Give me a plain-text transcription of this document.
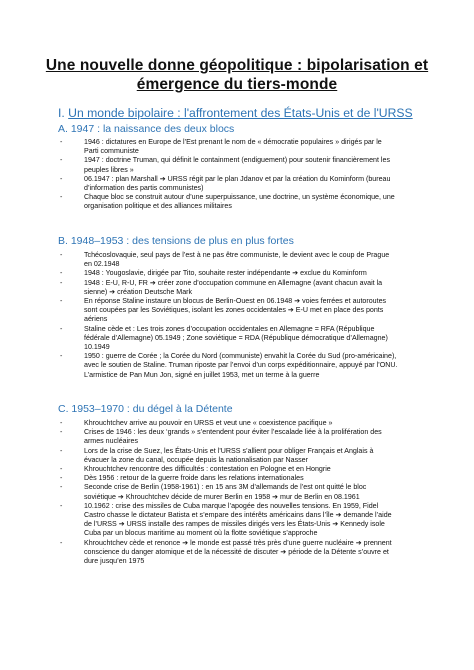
Une nouvelle donne géopolitique : bipolarisation et émergence du tiers-monde
I. Un monde bipolaire : l'affrontement des États-Unis et de l'URSS
A. 1947 : la naissance des deux blocs
- 1946 : dictatures en Europe de l’Est prenant le nom de « démocratie populaires » dirigés par le Parti communiste
- 1947 : doctrine Truman, qui définit le containment (endiguement) pour soutenir financièrement les peuples libres »
- 06.1947 : plan Marshall ➔ URSS régit par le plan Jdanov et par la création du Kominform (bureau d’information des partis communistes)
- Chaque bloc se construit autour d’une superpuissance, une doctrine, un système économique, une organisation politique et des alliances militaires
B. 1948–1953 : des tensions de plus en plus fortes
- Tchécoslovaquie, seul pays de l’est à ne pas être communiste, le devient avec le coup de Prague en 02.1948
- 1948 : Yougoslavie, dirigée par Tito, souhaite rester indépendante ➔ exclue du Kominform
- 1948 : E-U, R-U, FR ➔ créer zone d’occupation commune en Allemagne (avant chacun avait la sienne) ➔ création Deutsche Mark
- En réponse Staline instaure un blocus de Berlin-Ouest en 06.1948 ➔ voies ferrées et autoroutes sont coupées par les Soviétiques, isolant les zones occidentales ➔ E-U met en place des ponts aériens
- Staline cède et : Les trois zones d’occupation occidentales en Allemagne = RFA (République fédérale d’Allemagne) 05.1949 ; Zone soviétique = RDA (République démocratique d’Allemagne) 10.1949
- 1950 : guerre de Corée ; la Corée du Nord (communiste) envahit la Corée du Sud (pro-américaine), avec le soutien de Staline. Truman riposte par l’envoi d’un corps expéditionnaire, appuyé par l’ONU. L’armistice de Pan Mun Jon, signé en juillet 1953, met un terme à la guerre
C. 1953–1970 : du dégel à la Détente
- Khrouchtchev arrive au pouvoir en URSS et veut une « coexistence pacifique »
- Crises de 1946 : les deux ‘grands » s’entendent pour éviter l’escalade liée à la prolifération des armes nucléaires
- Lors de la crise de Suez, les États-Unis et l’URSS s’allient pour obliger Français et Anglais à évacuer la zone du canal, occupée depuis la nationalisation par Nasser
- Khrouchtchev rencontre des difficultés : contestation en Pologne et en Hongrie
- Dès 1956 : retour de la guerre froide dans les relations internationales
- Seconde crise de Berlin (1958-1961) : en 15 ans 3M d’allemands de l’est ont quitté le bloc soviétique ➔ Khrouchtchev décide de murer Berlin en 1958 ➔ mur de Berlin en 08.1961
- 10.1962 : crise des missiles de Cuba marque l’apogée des nouvelles tensions. En 1959, Fidel Castro chasse le dictateur Batista et s’empare des intérêts américains dans l’île ➔ demande l’aide de l’URSS ➔ URSS installe des rampes de missiles dirigés vers les États-Unis ➔ Kennedy isole Cuba par un blocus maritime au moment où la flotte soviétique s’approche
- Khrouchtchev cède et renonce ➔ le monde est passé très près d’une guerre nucléaire ➔ prennent conscience du danger atomique et de la nécessité de discuter ➔ période de la Détente s’ouvre et dure jusqu’en 1975
